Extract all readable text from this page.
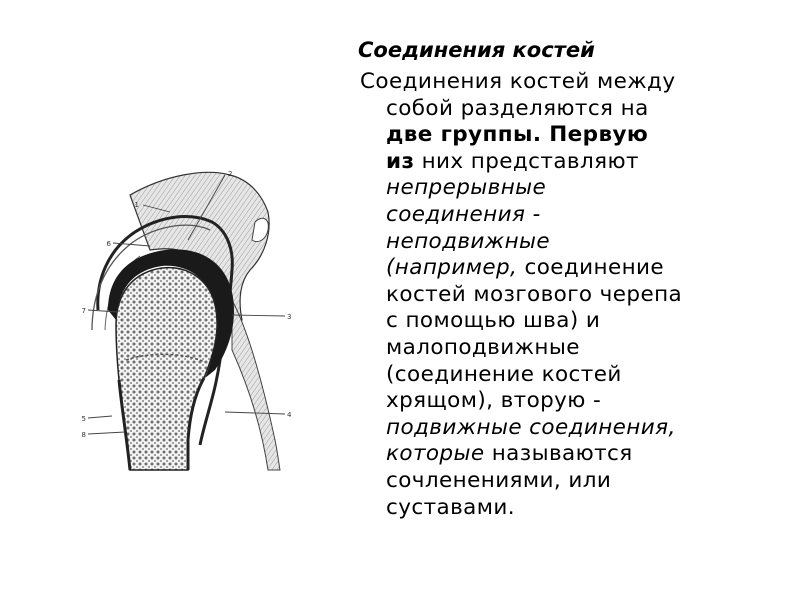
1
2
3
4
5
6
7
8
Соединения костей
Соединения костей между
собой разделяются на
две группы. Первую
из них представляют
непрерывные
соединения -
неподвижные
(например, соединение
костей мозгового черепа
с помощью шва) и
малоподвижные
(соединение костей
хрящом), вторую -
подвижные соединения,
которые называются
сочленениями, или
суставами.
